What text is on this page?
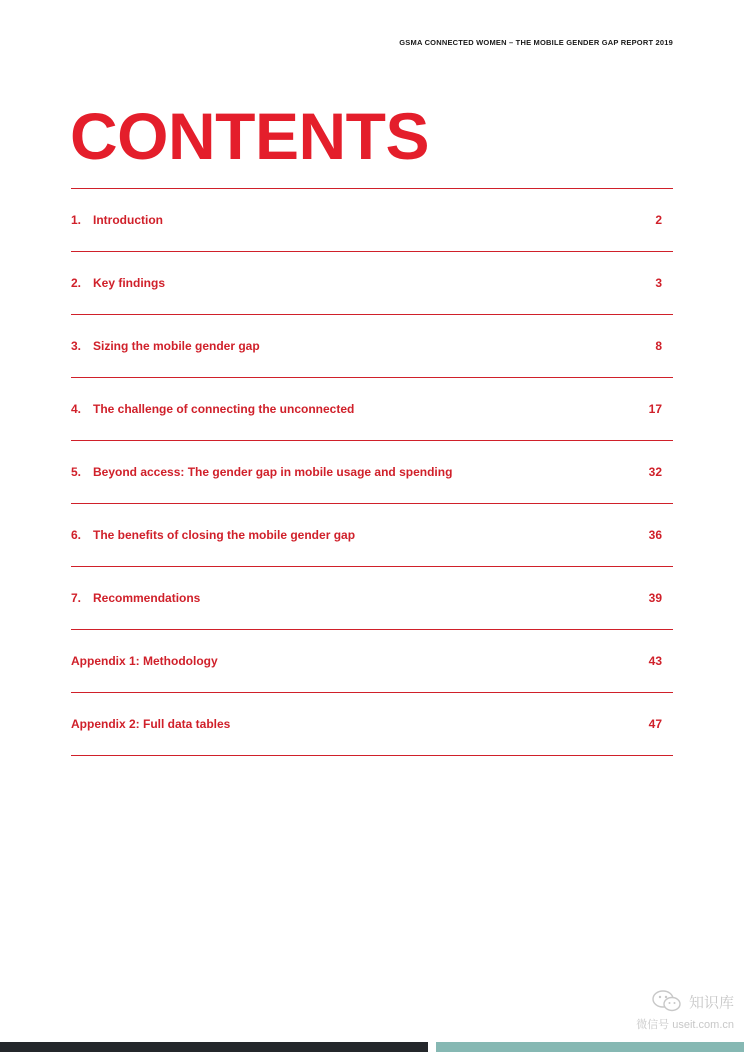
GSMA CONNECTED WOMEN – THE MOBILE GENDER GAP REPORT 2019
CONTENTS
1. Introduction	2
2. Key findings	3
3. Sizing the mobile gender gap	8
4. The challenge of connecting the unconnected	17
5. Beyond access: The gender gap in mobile usage and spending	32
6. The benefits of closing the mobile gender gap	36
7. Recommendations	39
Appendix 1: Methodology	43
Appendix 2: Full data tables	47
知识库
微信号 useit.com.cn
